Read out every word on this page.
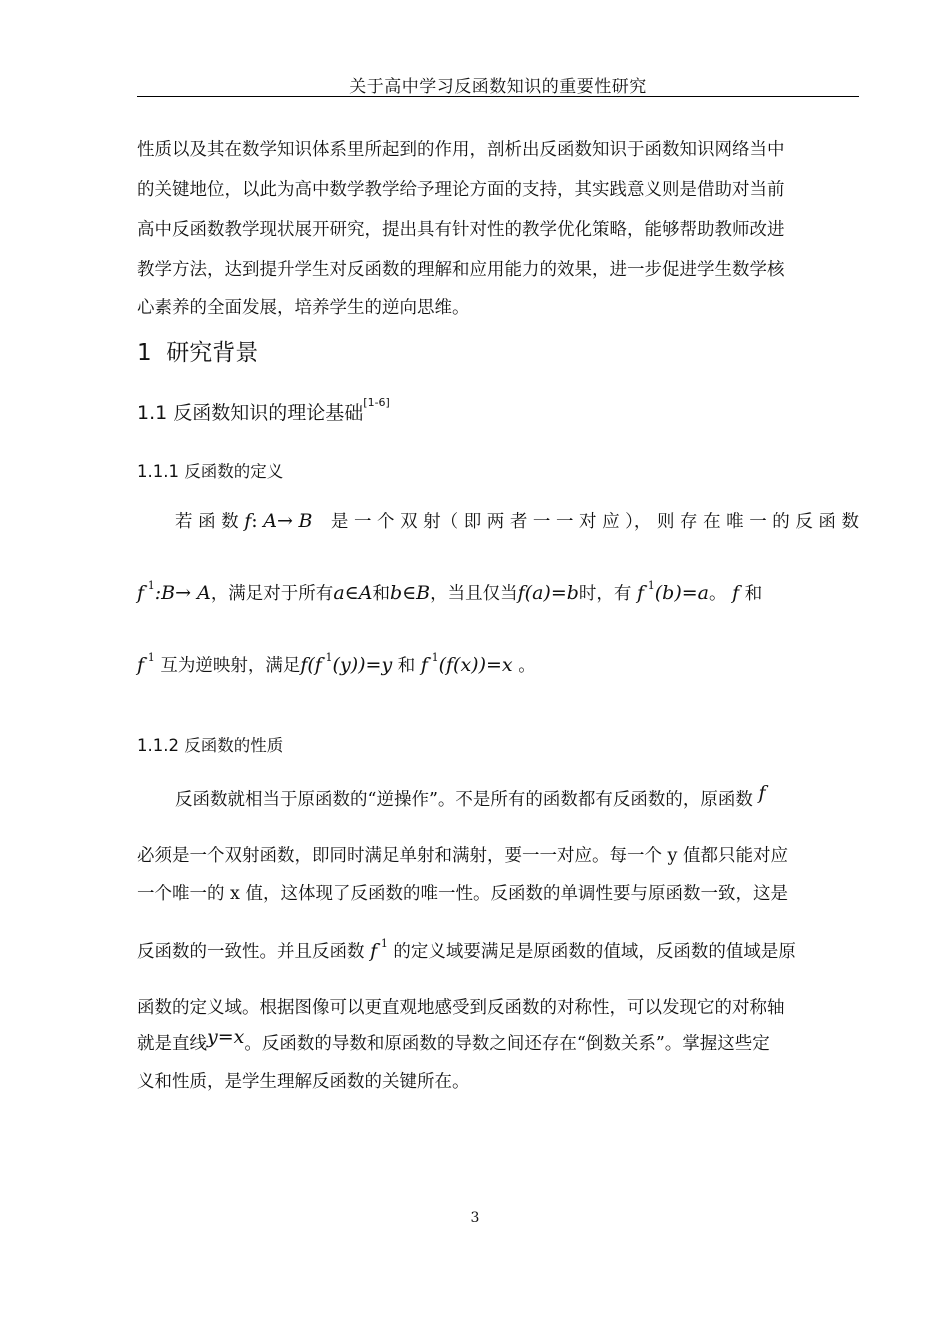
关于高中学习反函数知识的重要性研究
性质以及其在数学知识体系里所起到的作用，剖析出反函数知识于函数知识网络当中
的关键地位，以此为高中数学教学给予理论方面的支持，其实践意义则是借助对当前
高中反函数教学现状展开研究，提出具有针对性的教学优化策略，能够帮助教师改进
教学方法，达到提升学生对反函数的理解和应用能力的效果，进一步促进学生数学核
心素养的全面发展，培养学生的逆向思维。
1 研究背景
1.1 反函数知识的理论基础[1-6]
1.1.1 反函数的定义
若 函 数 f: A→ B 是 一 个 双 射（ 即 两 者 一 一 对 应 ）， 则 存 在 唯 一 的 反 函 数
$f^{-1}:B\to A$，满足对于所有a∈A和b∈B，当且仅当f(a)=b时，有 $f^{-1}(b)=a$。 f 和
$f^{-1}$ 互为逆映射，满足$f(f^{-1}(y))=y$ 和 $f^{-1}(f(x))=x$ 。
1.1.2 反函数的性质
反函数就相当于原函数的“逆操作”。不是所有的函数都有反函数的，原函数 f
必须是一个双射函数，即同时满足单射和满射，要一一对应。每一个 y 值都只能对应
一个唯一的 x 值，这体现了反函数的唯一性。反函数的单调性要与原函数一致，这是
反函数的一致性。并且反函数 $f^{-1}$ 的定义域要满足是原函数的值域，反函数的值域是原
函数的定义域。根据图像可以更直观地感受到反函数的对称性，可以发现它的对称轴
就是直线y=x。反函数的导数和原函数的导数之间还存在“倒数关系”。掌握这些定
义和性质，是学生理解反函数的关键所在。
3
